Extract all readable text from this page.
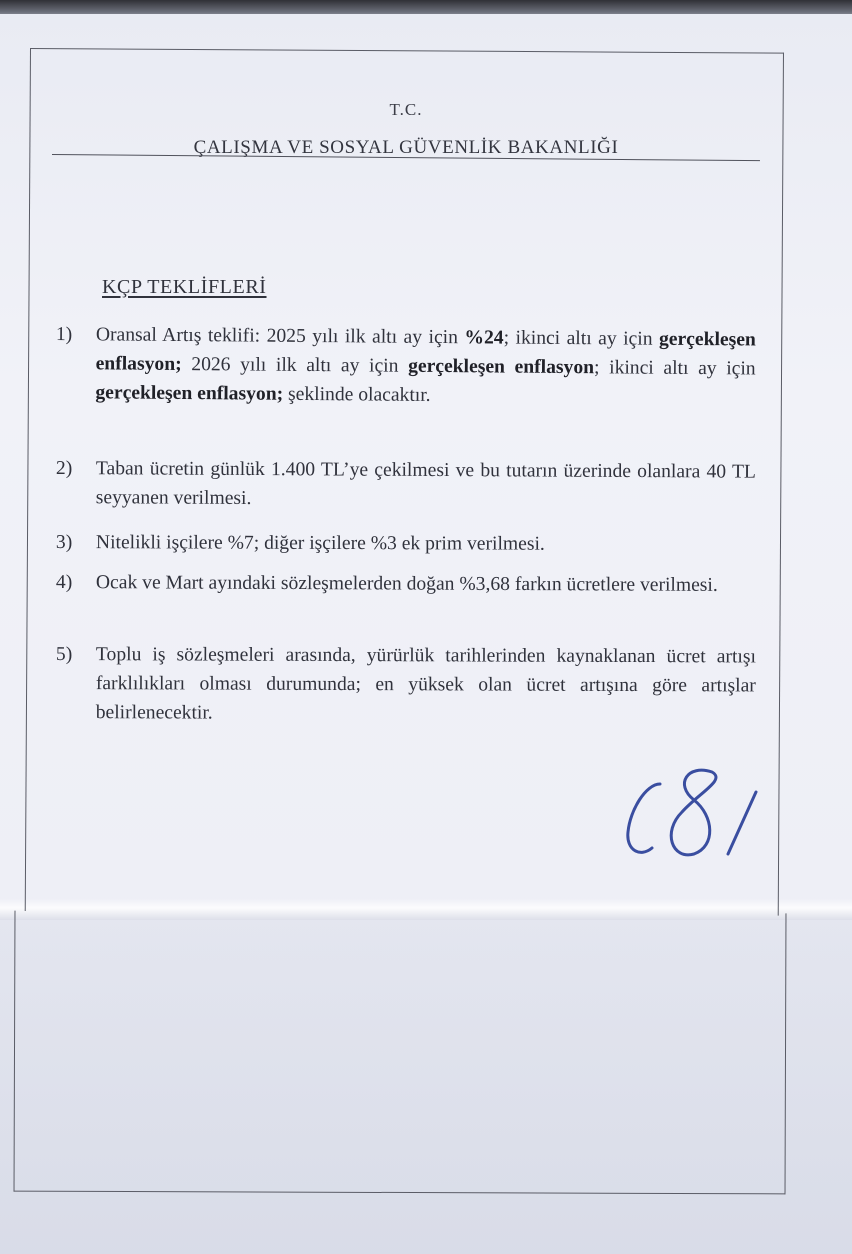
T.C.
ÇALIŞMA VE SOSYAL GÜVENLİK BAKANLIĞI
KÇP TEKLİFLERİ
1)	Oransal Artış teklifi: 2025 yılı ilk altı ay için %24; ikinci altı ay için gerçekleşen enflasyon; 2026 yılı ilk altı ay için gerçekleşen enflasyon; ikinci altı ay için gerçekleşen enflasyon; şeklinde olacaktır.
2)	Taban ücretin günlük 1.400 TL’ye çekilmesi ve bu tutarın üzerinde olanlara 40 TL seyyanen verilmesi.
3)	Nitelikli işçilere %7; diğer işçilere %3 ek prim verilmesi.
4)	Ocak ve Mart ayındaki sözleşmelerden doğan %3,68 farkın ücretlere verilmesi.
5)	Toplu iş sözleşmeleri arasında, yürürlük tarihlerinden kaynaklanan ücret artışı farklılıkları olması durumunda; en yüksek olan ücret artışına göre artışlar belirlenecektir.
